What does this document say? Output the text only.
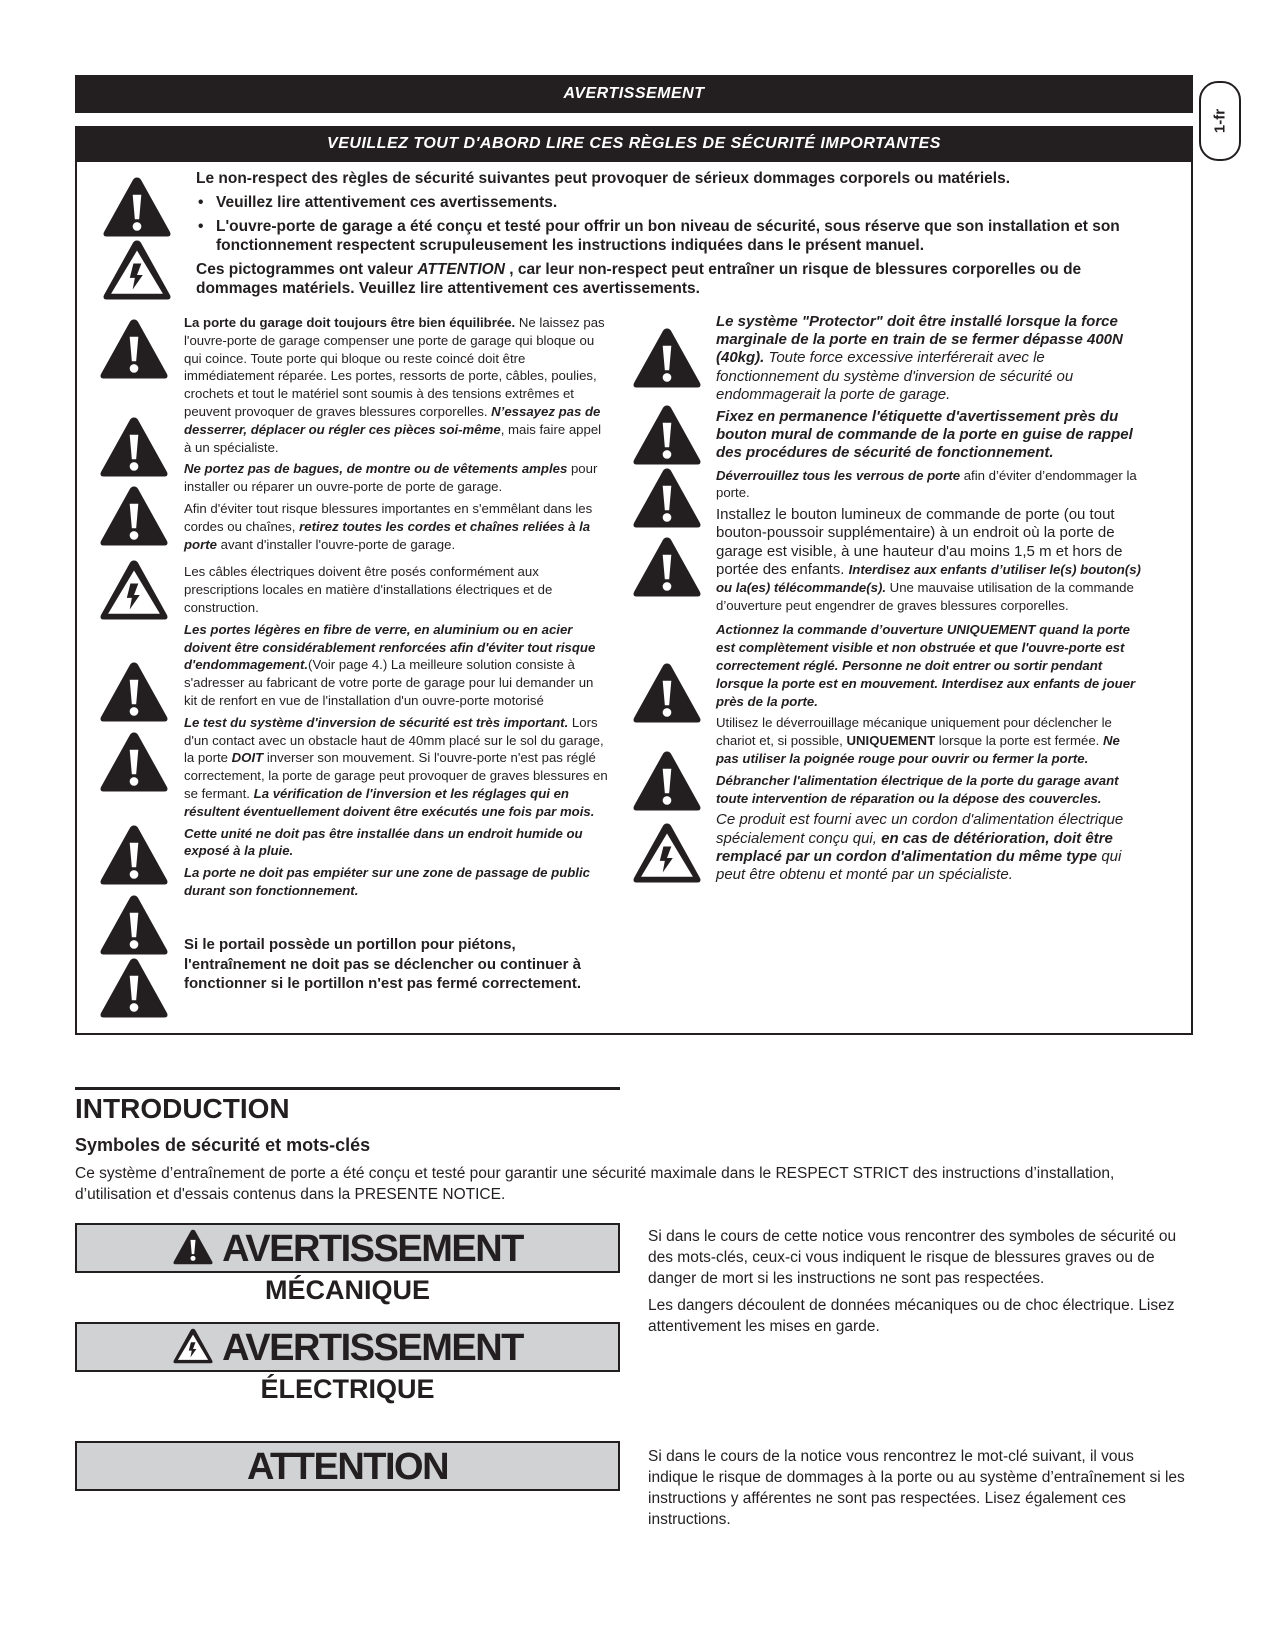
AVERTISSEMENT
1-fr
VEUILLEZ TOUT D'ABORD LIRE CES RÈGLES DE SÉCURITÉ IMPORTANTES
Le non-respect des règles de sécurité suivantes peut provoquer de sérieux dommages corporels ou matériels.
• Veuillez lire attentivement ces avertissements.
• L'ouvre-porte de garage a été conçu et testé pour offrir un bon niveau de sécurité, sous réserve que son installation et son fonctionnement respectent scrupuleusement les instructions indiquées dans le présent manuel.
Ces pictogrammes ont valeur ATTENTION , car leur non-respect peut entraîner un risque de blessures corporelles ou de dommages matériels. Veuillez lire attentivement ces avertissements.

La porte du garage doit toujours être bien équilibrée. Ne laissez pas l'ouvre-porte de garage compenser une porte de garage qui bloque ou qui coince. Toute porte qui bloque ou reste coincé doit être immédiatement réparée. Les portes, ressorts de porte, câbles, poulies, crochets et tout le matériel sont soumis à des tensions extrêmes et peuvent provoquer de graves blessures corporelles. N’essayez pas de desserrer, déplacer ou régler ces pièces soi-même, mais faire appel à un spécialiste.

Ne portez pas de bagues, de montre ou de vêtements amples pour installer ou réparer un ouvre-porte de porte de garage.

Afin d'éviter tout risque blessures importantes en s'emmêlant dans les cordes ou chaînes, retirez toutes les cordes et chaînes reliées à la porte avant d'installer l'ouvre-porte de garage.

Les câbles électriques doivent être posés conformément aux prescriptions locales en matière d'installations électriques et de construction.

Les portes légères en fibre de verre, en aluminium ou en acier doivent être considérablement renforcées afin d'éviter tout risque d'endommagement.(Voir page 4.) La meilleure solution consiste à s'adresser au fabricant de votre porte de garage pour lui demander un kit de renfort en vue de l'installation d'un ouvre-porte motorisé

Le test du système d'inversion de sécurité est très important. Lors d'un contact avec un obstacle haut de 40mm placé sur le sol du garage, la porte DOIT inverser son mouvement. Si l'ouvre-porte n'est pas réglé correctement, la porte de garage peut provoquer de graves blessures en se fermant. La vérification de l'inversion et les réglages qui en résultent éventuellement doivent être exécutés une fois par mois.

Cette unité ne doit pas être installée dans un endroit humide ou exposé à la pluie.

La porte ne doit pas empiéter sur une zone de passage de public durant son fonctionnement.

Si le portail possède un portillon pour piétons, l'entraînement ne doit pas se déclencher ou continuer à fonctionner si le portillon n'est pas fermé correctement.

Le système "Protector" doit être installé lorsque la force marginale de la porte en train de se fermer dépasse 400N (40kg). Toute force excessive interférerait avec le fonctionnement du système d'inversion de sécurité ou endommagerait la porte de garage.

Fixez en permanence l'étiquette d'avertissement près du bouton mural de commande de la porte en guise de rappel des procédures de sécurité de fonctionnement.

Déverrouillez tous les verrous de porte afin d’éviter d’endommager la porte.

Installez le bouton lumineux de commande de porte (ou tout bouton-poussoir supplémentaire) à un endroit où la porte de garage est visible, à une hauteur d'au moins 1,5 m et hors de portée des enfants. Interdisez aux enfants d’utiliser le(s) bouton(s) ou la(es) télécommande(s). Une mauvaise utilisation de la commande d’ouverture peut engendrer de graves blessures corporelles.

Actionnez la commande d’ouverture UNIQUEMENT quand la porte est complètement visible et non obstruée et que l'ouvre-porte est correctement réglé. Personne ne doit entrer ou sortir pendant lorsque la porte est en mouvement. Interdisez aux enfants de jouer près de la porte.

Utilisez le déverrouillage mécanique uniquement pour déclencher le chariot et, si possible, UNIQUEMENT lorsque la porte est fermée. Ne pas utiliser la poignée rouge pour ouvrir ou fermer la porte.

Débrancher l'alimentation électrique de la porte du garage avant toute intervention de réparation ou la dépose des couvercles.

Ce produit est fourni avec un cordon d'alimentation électrique spécialement conçu qui, en cas de détérioration, doit être remplacé par un cordon d'alimentation du même type qui peut être obtenu et monté par un spécialiste.

INTRODUCTION
Symboles de sécurité et mots-clés
Ce système d’entraînement de porte a été conçu et testé pour garantir une sécurité maximale dans le RESPECT STRICT des instructions d’installation, d’utilisation et d'essais contenus dans la PRESENTE NOTICE.
AVERTISSEMENT
MÉCANIQUE
AVERTISSEMENT
ÉLECTRIQUE
ATTENTION

Si dans le cours de cette notice vous rencontrer des symboles de sécurité ou des mots-clés, ceux-ci vous indiquent le risque de blessures graves ou de danger de mort si les instructions ne sont pas respectées.

Les dangers découlent de données mécaniques ou de choc électrique. Lisez attentivement les mises en garde.

Si dans le cours de la notice vous rencontrez le mot-clé suivant, il vous indique le risque de dommages à la porte ou au système d’entraînement si les instructions y afférentes ne sont pas respectées. Lisez également ces instructions.
